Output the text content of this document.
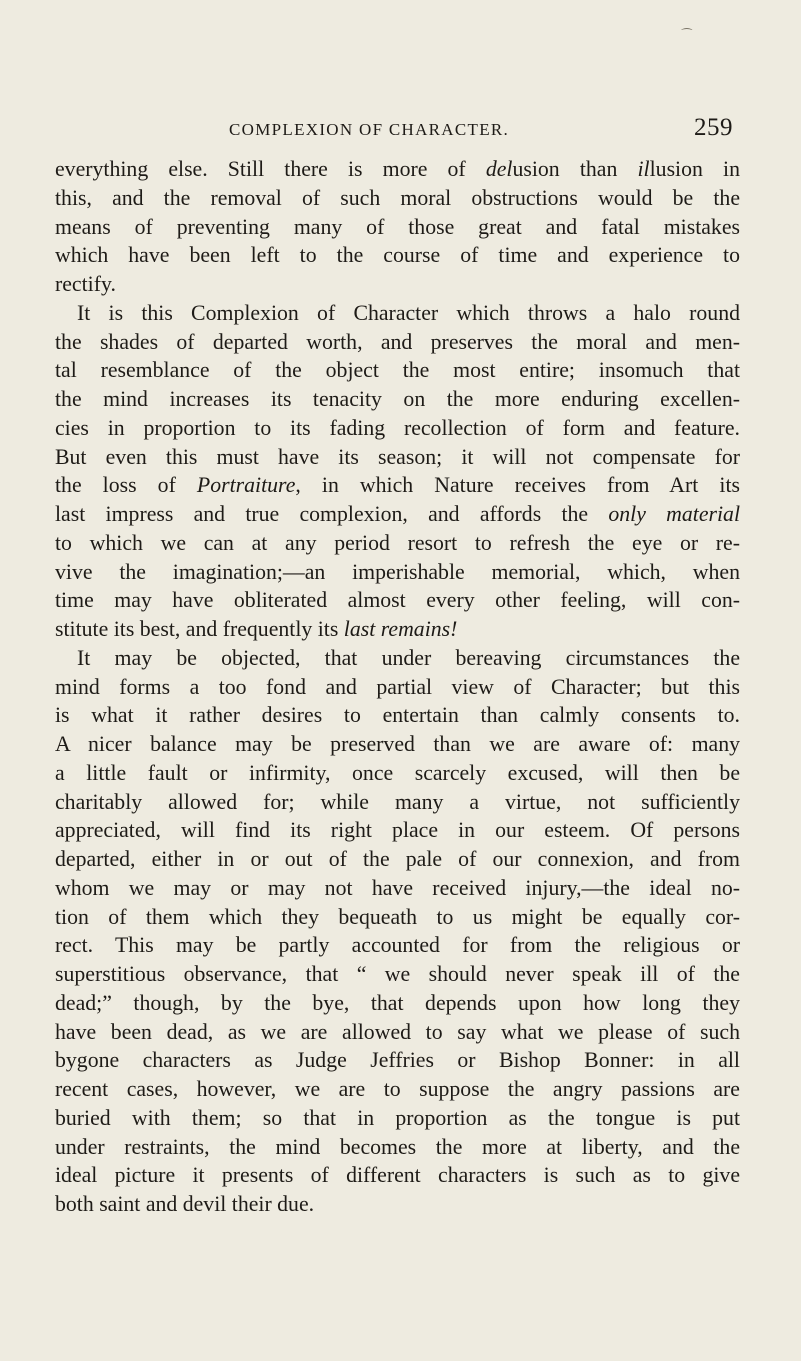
⁀
COMPLEXION OF CHARACTER.	259
everything else. Still there is more of delusion than illusion in
this, and the removal of such moral obstructions would be the
means of preventing many of those great and fatal mistakes
which have been left to the course of time and experience to
rectify.
It is this Complexion of Character which throws a halo round
the shades of departed worth, and preserves the moral and men-
tal resemblance of the object the most entire; insomuch that
the mind increases its tenacity on the more enduring excellen-
cies in proportion to its fading recollection of form and feature.
But even this must have its season; it will not compensate for
the loss of Portraiture, in which Nature receives from Art its
last impress and true complexion, and affords the only material
to which we can at any period resort to refresh the eye or re-
vive the imagination;—an imperishable memorial, which, when
time may have obliterated almost every other feeling, will con-
stitute its best, and frequently its last remains!
It may be objected, that under bereaving circumstances the
mind forms a too fond and partial view of Character; but this
is what it rather desires to entertain than calmly consents to.
A nicer balance may be preserved than we are aware of: many
a little fault or infirmity, once scarcely excused, will then be
charitably allowed for; while many a virtue, not sufficiently
appreciated, will find its right place in our esteem. Of persons
departed, either in or out of the pale of our connexion, and from
whom we may or may not have received injury,—the ideal no-
tion of them which they bequeath to us might be equally cor-
rect. This may be partly accounted for from the religious or
superstitious observance, that “ we should never speak ill of the
dead;” though, by the bye, that depends upon how long they
have been dead, as we are allowed to say what we please of such
bygone characters as Judge Jeffries or Bishop Bonner: in all
recent cases, however, we are to suppose the angry passions are
buried with them; so that in proportion as the tongue is put
under restraints, the mind becomes the more at liberty, and the
ideal picture it presents of different characters is such as to give
both saint and devil their due.
